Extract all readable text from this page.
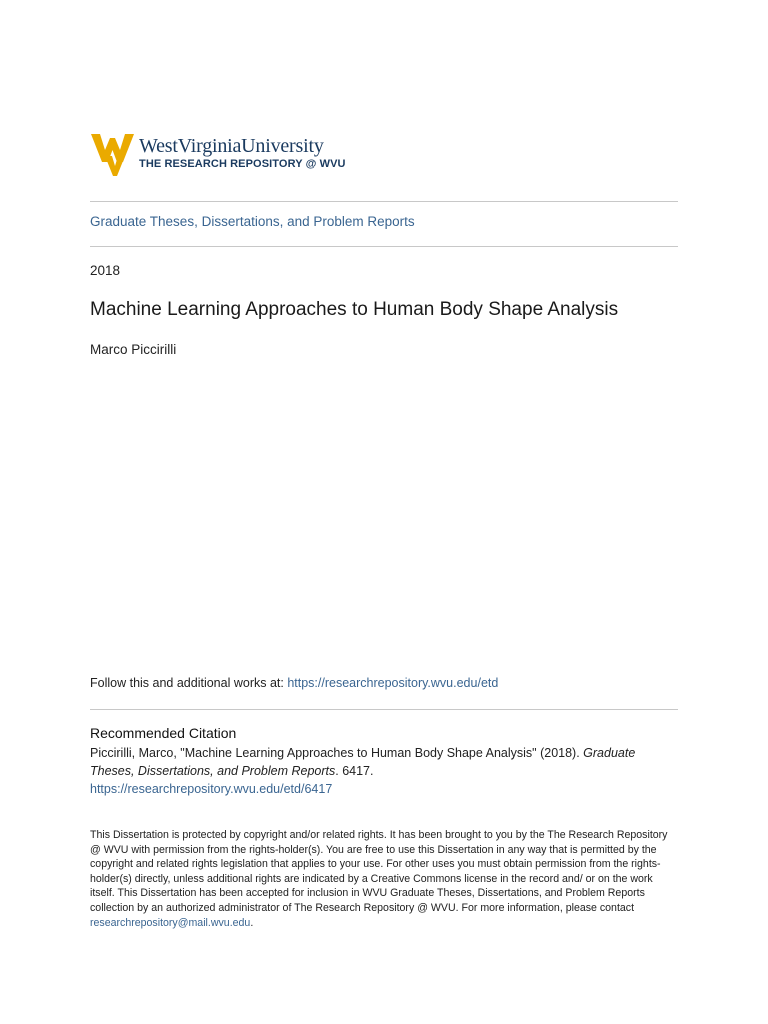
WestVirginiaUniversity
THE RESEARCH REPOSITORY @ WVU
Graduate Theses, Dissertations, and Problem Reports
2018
Machine Learning Approaches to Human Body Shape Analysis
Marco Piccirilli
Follow this and additional works at: https://researchrepository.wvu.edu/etd
Recommended Citation
Piccirilli, Marco, "Machine Learning Approaches to Human Body Shape Analysis" (2018). Graduate Theses, Dissertations, and Problem Reports. 6417.
https://researchrepository.wvu.edu/etd/6417
This Dissertation is protected by copyright and/or related rights. It has been brought to you by the The Research Repository @ WVU with permission from the rights-holder(s). You are free to use this Dissertation in any way that is permitted by the copyright and related rights legislation that applies to your use. For other uses you must obtain permission from the rights-holder(s) directly, unless additional rights are indicated by a Creative Commons license in the record and/ or on the work itself. This Dissertation has been accepted for inclusion in WVU Graduate Theses, Dissertations, and Problem Reports collection by an authorized administrator of The Research Repository @ WVU. For more information, please contact researchrepository@mail.wvu.edu.
